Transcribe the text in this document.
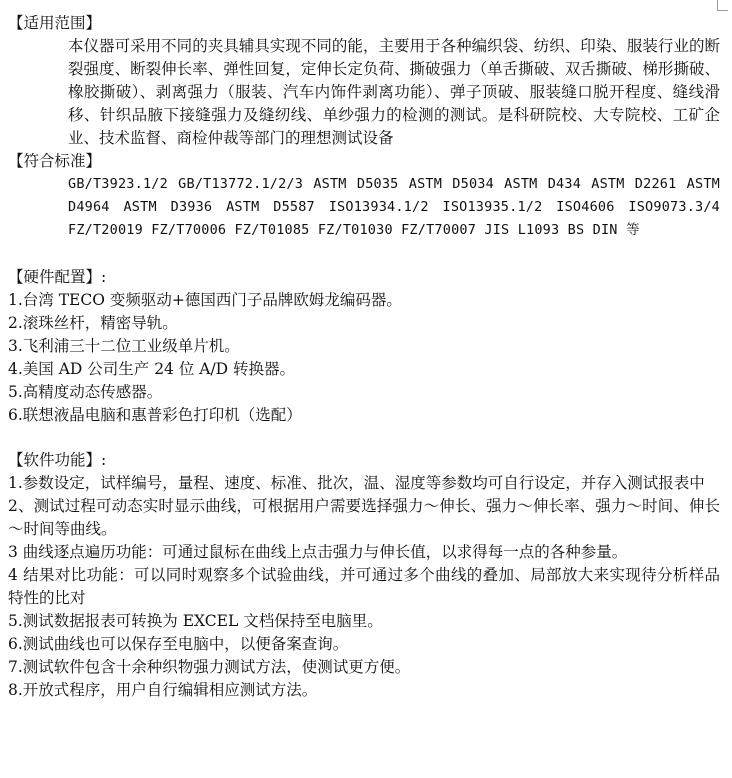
【适用范围】
本仪器可采用不同的夹具辅具实现不同的能，主要用于各种编织袋、纺织、印染、服装行业的断裂强度、断裂伸长率、弹性回复，定伸长定负荷、撕破强力（单舌撕破、双舌撕破、梯形撕破、橡胶撕破）、剥离强力（服装、汽车内饰件剥离功能）、弹子顶破、服装缝口脱开程度、缝线滑移、针织品腋下接缝强力及缝纫线、单纱强力的检测的测试。是科研院校、大专院校、工矿企业、技术监督、商检仲裁等部门的理想测试设备
【符合标准】
GB/T3923.1/2 GB/T13772.1/2/3 ASTM D5035 ASTM D5034 ASTM D434 ASTM D2261 ASTM D4964 ASTM D3936 ASTM D5587 ISO13934.1/2 ISO13935.1/2 ISO4606 ISO9073.3/4 FZ/T20019 FZ/T70006 FZ/T01085 FZ/T01030 FZ/T70007 JIS L1093 BS DIN 等
【硬件配置】:
1.台湾 TECO 变频驱动+德国西门子品牌欧姆龙编码器。
2.滚珠丝杆，精密导轨。
3.飞利浦三十二位工业级单片机。
4.美国 AD 公司生产 24 位 A/D 转换器。
5.高精度动态传感器。
6.联想液晶电脑和惠普彩色打印机（选配）
【软件功能】:
1.参数设定，试样编号，量程、速度、标准、批次，温、湿度等参数均可自行设定，并存入测试报表中
2、测试过程可动态实时显示曲线，可根据用户需要选择强力～伸长、强力～伸长率、强力～时间、伸长～时间等曲线。
3 曲线逐点遍历功能：可通过鼠标在曲线上点击强力与伸长值，以求得每一点的各种参量。
4 结果对比功能：可以同时观察多个试验曲线，并可通过多个曲线的叠加、局部放大来实现待分析样品特性的比对
5.测试数据报表可转换为 EXCEL 文档保持至电脑里。
6.测试曲线也可以保存至电脑中，以便备案查询。
7.测试软件包含十余种织物强力测试方法，使测试更方便。
8.开放式程序，用户自行编辑相应测试方法。
